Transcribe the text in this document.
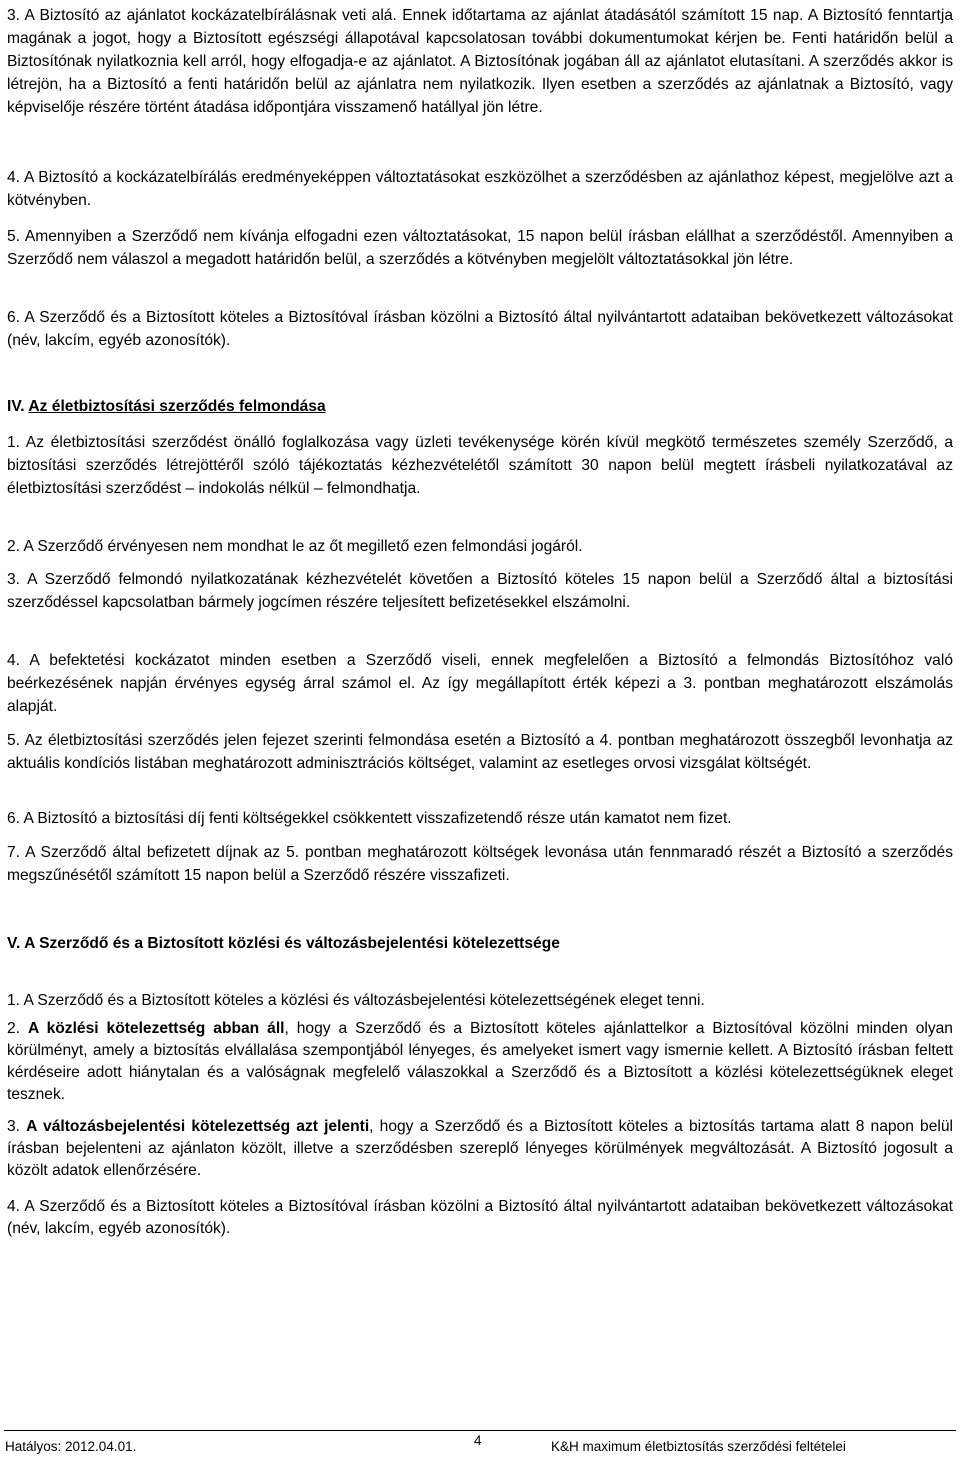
3. A Biztosító az ajánlatot kockázatelbírálásnak veti alá. Ennek időtartama az ajánlat átadásától számított 15 nap. A Biztosító fenntartja magának a jogot, hogy a Biztosított egészségi állapotával kapcsolatosan további dokumentumokat kérjen be. Fenti határidőn belül a Biztosítónak nyilatkoznia kell arról, hogy elfogadja-e az ajánlatot. A Biztosítónak jogában áll az ajánlatot elutasítani. A szerződés akkor is létrejön, ha a Biztosító a fenti határidőn belül az ajánlatra nem nyilatkozik. Ilyen esetben a szerződés az ajánlatnak a Biztosító, vagy képviselője részére történt átadása időpontjára visszamenő hatállyal jön létre.

4. A Biztosító a kockázatelbírálás eredményeképpen változtatásokat eszközölhet a szerződésben az ajánlathoz képest, megjelölve azt a kötvényben.

5. Amennyiben a Szerződő nem kívánja elfogadni ezen változtatásokat, 15 napon belül írásban elállhat a szerződéstől. Amennyiben a Szerződő nem válaszol a megadott határidőn belül, a szerződés a kötvényben megjelölt változtatásokkal jön létre.

6. A Szerződő és a Biztosított köteles a Biztosítóval írásban közölni a Biztosító által nyilvántartott adataiban bekövetkezett változásokat (név, lakcím, egyéb azonosítók).

IV. Az életbiztosítási szerződés felmondása

1. Az életbiztosítási szerződést önálló foglalkozása vagy üzleti tevékenysége körén kívül megkötő természetes személy Szerződő, a biztosítási szerződés létrejöttéről szóló tájékoztatás kézhezvételétől számított 30 napon belül megtett írásbeli nyilatkozatával az életbiztosítási szerződést – indokolás nélkül – felmondhatja.

2. A Szerződő érvényesen nem mondhat le az őt megillető ezen felmondási jogáról.

3. A Szerződő felmondó nyilatkozatának kézhezvételét követően a Biztosító köteles 15 napon belül a Szerződő által a biztosítási szerződéssel kapcsolatban bármely jogcímen részére teljesített befizetésekkel elszámolni.

4. A befektetési kockázatot minden esetben a Szerződő viseli, ennek megfelelően a Biztosító a felmondás Biztosítóhoz való beérkezésének napján érvényes egység árral számol el. Az így megállapított érték képezi a 3. pontban meghatározott elszámolás alapját.

5. Az életbiztosítási szerződés jelen fejezet szerinti felmondása esetén a Biztosító a 4. pontban meghatározott összegből levonhatja az aktuális kondíciós listában meghatározott adminisztrációs költséget, valamint az esetleges orvosi vizsgálat költségét.

6. A Biztosító a biztosítási díj fenti költségekkel csökkentett visszafizetendő része után kamatot nem fizet.

7. A Szerződő által befizetett díjnak az 5. pontban meghatározott költségek levonása után fennmaradó részét a Biztosító a szerződés megszűnésétől számított 15 napon belül a Szerződő részére visszafizeti.

V. A Szerződő és a Biztosított közlési és változásbejelentési kötelezettsége

1. A Szerződő és a Biztosított köteles a közlési és változásbejelentési kötelezettségének eleget tenni.

2. A közlési kötelezettség abban áll, hogy a Szerződő és a Biztosított köteles ajánlattelkor a Biztosítóval közölni minden olyan körülményt, amely a biztosítás elvállalása szempontjából lényeges, és amelyeket ismert vagy ismernie kellett. A Biztosító írásban feltett kérdéseire adott hiánytalan és a valóságnak megfelelő válaszokkal a Szerződő és a Biztosított a közlési kötelezettségüknek eleget tesznek.

3. A változásbejelentési kötelezettség azt jelenti, hogy a Szerződő és a Biztosított köteles a biztosítás tartama alatt 8 napon belül írásban bejelenteni az ajánlaton közölt, illetve a szerződésben szereplő lényeges körülmények megváltozását. A Biztosító jogosult a közölt adatok ellenőrzésére.

4. A Szerződő és a Biztosított köteles a Biztosítóval írásban közölni a Biztosító által nyilvántartott adataiban bekövetkezett változásokat (név, lakcím, egyéb azonosítók).

Hatályos: 2012.04.01.	4	K&H maximum életbiztosítás szerződési feltételei
